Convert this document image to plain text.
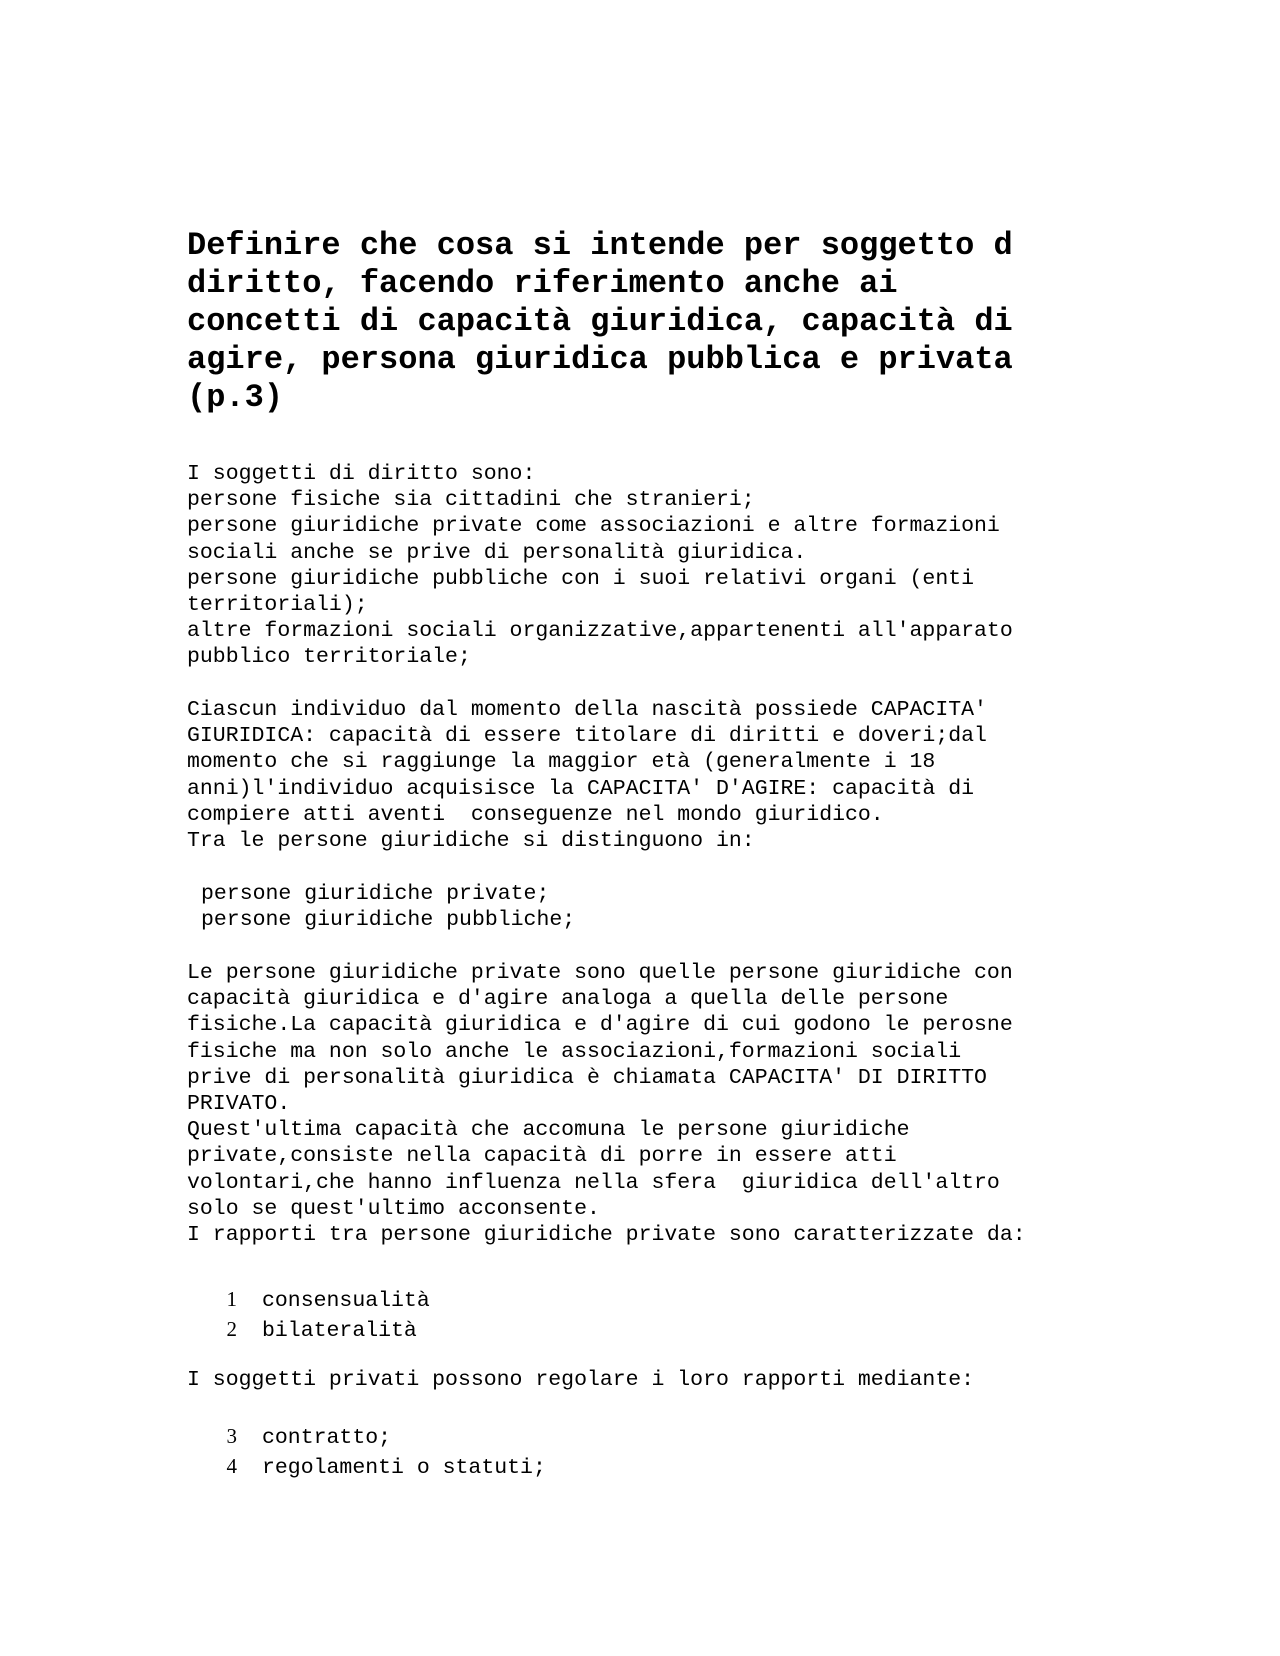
Definire che cosa si intende per soggetto d
diritto, facendo riferimento anche ai
concetti di capacità giuridica, capacità di
agire, persona giuridica pubblica e privata
(p.3)
I soggetti di diritto sono:
persone fisiche sia cittadini che stranieri;
persone giuridiche private come associazioni e altre formazioni
sociali anche se prive di personalità giuridica.
persone giuridiche pubbliche con i suoi relativi organi (enti
territoriali);
altre formazioni sociali organizzative,appartenenti all'apparato
pubblico territoriale;
Ciascun individuo dal momento della nascità possiede CAPACITA'
GIURIDICA: capacità di essere titolare di diritti e doveri;dal
momento che si raggiunge la maggior età (generalmente i 18
anni)l'individuo acquisisce la CAPACITA' D'AGIRE: capacità di
compiere atti aventi  conseguenze nel mondo giuridico.
Tra le persone giuridiche si distinguono in:
persone giuridiche private;
persone giuridiche pubbliche;
Le persone giuridiche private sono quelle persone giuridiche con
capacità giuridica e d'agire analoga a quella delle persone
fisiche.La capacità giuridica e d'agire di cui godono le perosne
fisiche ma non solo anche le associazioni,formazioni sociali
prive di personalità giuridica è chiamata CAPACITA' DI DIRITTO
PRIVATO.
Quest'ultima capacità che accomuna le persone giuridiche
private,consiste nella capacità di porre in essere atti
volontari,che hanno influenza nella sfera  giuridica dell'altro
solo se quest'ultimo acconsente.
I rapporti tra persone giuridiche private sono caratterizzate da:
1	consensualità
2	bilateralità
I soggetti privati possono regolare i loro rapporti mediante:
3	contratto;
4	regolamenti o statuti;
